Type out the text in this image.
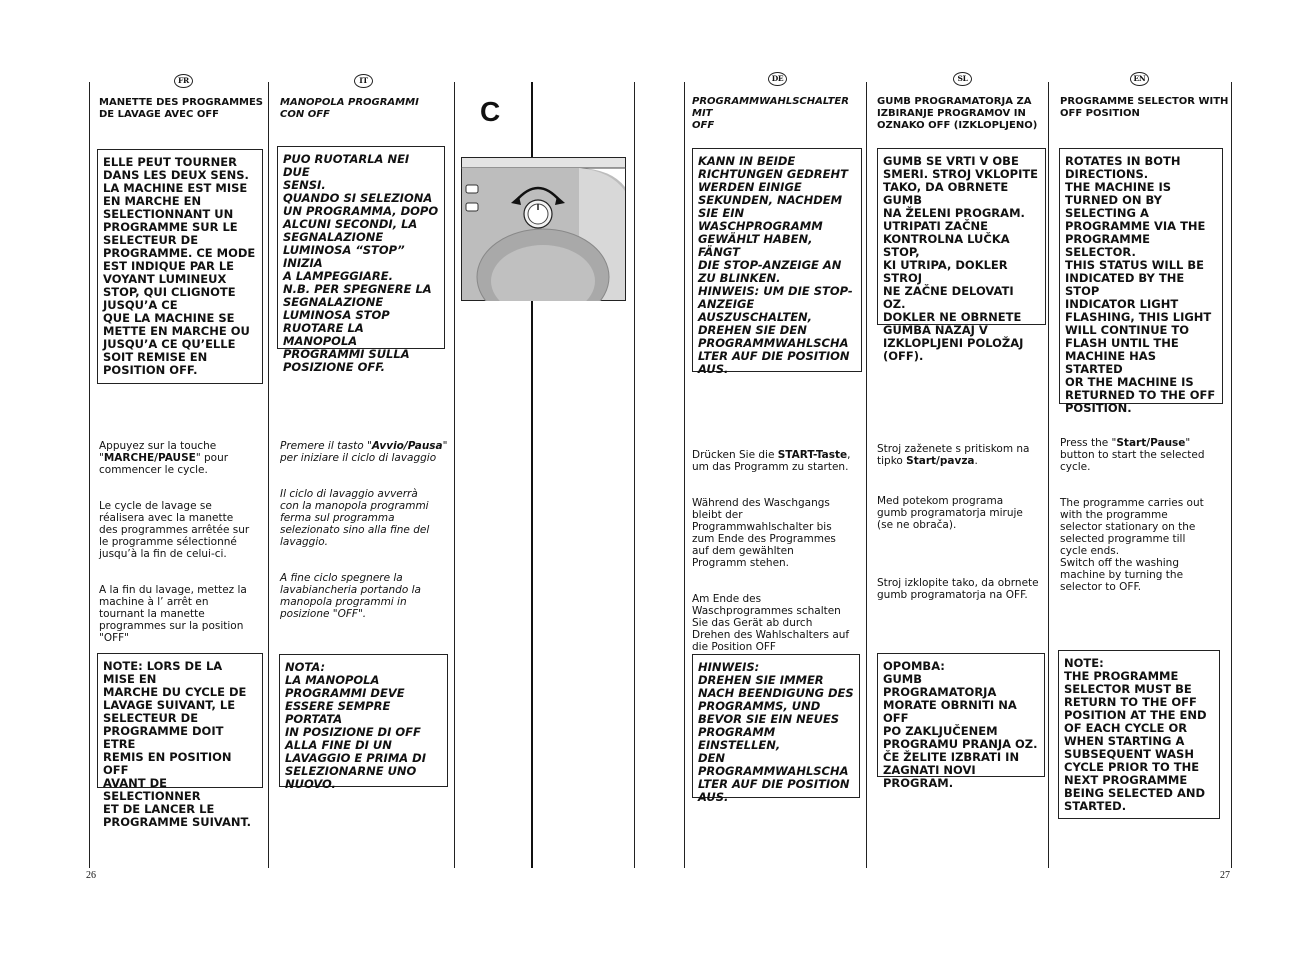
FR
MANETTE DES PROGRAMMES
DE LAVAGE AVEC OFF
ELLE PEUT TOURNER
DANS LES DEUX SENS.
LA MACHINE EST MISE
EN MARCHE EN
SELECTIONNANT UN
PROGRAMME SUR LE
SELECTEUR DE
PROGRAMME. CE MODE
EST INDIQUE PAR LE
VOYANT LUMINEUX
STOP, QUI CLIGNOTE
JUSQU’A CE
QUE LA MACHINE SE
METTE EN MARCHE OU
JUSQU’A CE QU’ELLE
SOIT REMISE EN
POSITION OFF.

Appuyez sur la touche
"MARCHE/PAUSE" pour
commencer le cycle.

Le cycle de lavage se
réalisera avec la manette
des programmes arrêtée sur
le programme sélectionné
jusqu’à la fin de celui-ci.

A la fin du lavage, mettez la
machine à l’ arrêt en
tournant la manette
programmes sur la position
"OFF"

NOTE: LORS DE LA MISE EN
MARCHE DU CYCLE DE
LAVAGE SUIVANT, LE
SELECTEUR DE
PROGRAMME DOIT ETRE
REMIS EN POSITION OFF
AVANT DE SELECTIONNER
ET DE LANCER LE
PROGRAMME SUIVANT.
26
IT
MANOPOLA PROGRAMMI
CON OFF
PUO RUOTARLA NEI DUE
SENSI.
QUANDO SI SELEZIONA
UN PROGRAMMA, DOPO
ALCUNI SECONDI, LA
SEGNALAZIONE
LUMINOSA “STOP” INIZIA
A LAMPEGGIARE.
N.B. PER SPEGNERE LA
SEGNALAZIONE
LUMINOSA STOP
RUOTARE LA MANOPOLA
PROGRAMMI SULLA
POSIZIONE OFF.

Premere il tasto "Avvio/Pausa"
per iniziare il ciclo di lavaggio

Il ciclo di lavaggio avverrà
con la manopola programmi
ferma sul programma
selezionato sino alla fine del
lavaggio.

A fine ciclo spegnere la
lavabiancheria portando la
manopola programmi in
posizione "OFF".

NOTA:
LA MANOPOLA
PROGRAMMI DEVE
ESSERE SEMPRE PORTATA
IN POSIZIONE DI OFF
ALLA FINE DI UN
LAVAGGIO E PRIMA DI
SELEZIONARNE UNO
NUOVO.
C
DE
PROGRAMMWAHLSCHALTER MIT
OFF
KANN IN BEIDE
RICHTUNGEN GEDREHT
WERDEN EINIGE
SEKUNDEN, NACHDEM
SIE EIN
WASCHPROGRAMM
GEWÄHLT HABEN, FÄNGT
DIE STOP-ANZEIGE AN
ZU BLINKEN.
HINWEIS: UM DIE STOP-
ANZEIGE
AUSZUSCHALTEN,
DREHEN SIE DEN
PROGRAMMWAHLSCHA
LTER AUF DIE POSITION
AUS.

Drücken Sie die START-Taste,
um das Programm zu starten.

Während des Waschgangs
bleibt der
Programmwahlschalter bis
zum Ende des Programmes
auf dem gewählten
Programm stehen.

Am Ende des
Waschprogrammes schalten
Sie das Gerät ab durch
Drehen des Wahlschalters auf
die Position OFF

HINWEIS:
DREHEN SIE IMMER
NACH BEENDIGUNG DES
PROGRAMMS, UND
BEVOR SIE EIN NEUES
PROGRAMM EINSTELLEN,
DEN
PROGRAMMWAHLSCHA
LTER AUF DIE POSITION
AUS.
SL
GUMB PROGRAMATORJA ZA
IZBIRANJE PROGRAMOV IN
OZNAKO OFF (IZKLOPLJENO)
GUMB SE VRTI V OBE
SMERI. STROJ VKLOPITE
TAKO, DA OBRNETE GUMB
NA ŽELENI PROGRAM.
UTRIPATI ZAČNE
KONTROLNA LUČKA STOP,
KI UTRIPA, DOKLER STROJ
NE ZAČNE DELOVATI OZ.
DOKLER NE OBRNETE
GUMBA NAZAJ V
IZKLOPLJENI POLOŽAJ
(OFF).

Stroj zaženete s pritiskom na
tipko Start/pavza.

Med potekom programa
gumb programatorja miruje
(se ne obrača).

Stroj izklopite tako, da obrnete
gumb programatorja na OFF.

OPOMBA:
GUMB PROGRAMATORJA
MORATE OBRNITI NA OFF
PO ZAKLJUČENEM
PROGRAMU PRANJA OZ.
ČE ŽELITE IZBRATI IN
ZAGNATI NOVI
PROGRAM.
EN
PROGRAMME SELECTOR WITH
OFF POSITION
ROTATES IN BOTH
DIRECTIONS.
THE MACHINE IS
TURNED ON BY
SELECTING A
PROGRAMME VIA THE
PROGRAMME
SELECTOR.
THIS STATUS WILL BE
INDICATED BY THE STOP
INDICATOR LIGHT
FLASHING, THIS LIGHT
WILL CONTINUE TO
FLASH UNTIL THE
MACHINE HAS STARTED
OR THE MACHINE IS
RETURNED TO THE OFF
POSITION.

Press the "Start/Pause"
button to start the selected
cycle.

The programme carries out
with the programme
selector stationary on the
selected programme till
cycle ends.
Switch off the washing
machine by turning the
selector to OFF.

NOTE:
THE PROGRAMME
SELECTOR MUST BE
RETURN TO THE OFF
POSITION AT THE END
OF EACH CYCLE OR
WHEN STARTING A
SUBSEQUENT WASH
CYCLE PRIOR TO THE
NEXT PROGRAMME
BEING SELECTED AND
STARTED.
27
